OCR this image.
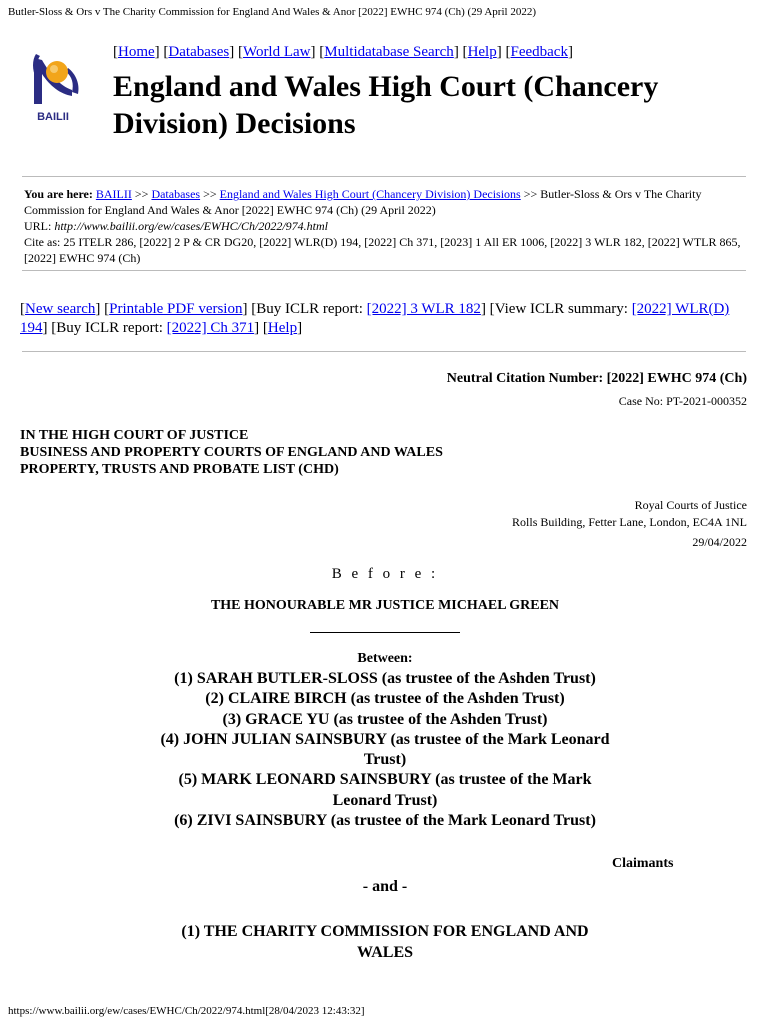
Butler-Sloss & Ors v The Charity Commission for England And Wales & Anor [2022] EWHC 974 (Ch) (29 April 2022)
BAILII
[Home] [Databases] [World Law] [Multidatabase Search] [Help] [Feedback]
England and Wales High Court (Chancery Division) Decisions
You are here: BAILII >> Databases >> England and Wales High Court (Chancery Division) Decisions >> Butler-Sloss & Ors v The Charity Commission for England And Wales & Anor [2022] EWHC 974 (Ch) (29 April 2022)
URL: http://www.bailii.org/ew/cases/EWHC/Ch/2022/974.html
Cite as: 25 ITELR 286, [2022] 2 P & CR DG20, [2022] WLR(D) 194, [2022] Ch 371, [2023] 1 All ER 1006, [2022] 3 WLR 182, [2022] WTLR 865, [2022] EWHC 974 (Ch)
[New search] [Printable PDF version] [Buy ICLR report: [2022] 3 WLR 182] [View ICLR summary: [2022] WLR(D) 194] [Buy ICLR report: [2022] Ch 371] [Help]
Neutral Citation Number: [2022] EWHC 974 (Ch)
Case No: PT-2021-000352
IN THE HIGH COURT OF JUSTICE
BUSINESS AND PROPERTY COURTS OF ENGLAND AND WALES
PROPERTY, TRUSTS AND PROBATE LIST (CHD)
Royal Courts of Justice
Rolls Building, Fetter Lane, London, EC4A 1NL
29/04/2022
B e f o r e :
THE HONOURABLE MR JUSTICE MICHAEL GREEN
Between:
(1) SARAH BUTLER-SLOSS (as trustee of the Ashden Trust)
(2) CLAIRE BIRCH (as trustee of the Ashden Trust)
(3) GRACE YU (as trustee of the Ashden Trust)
(4) JOHN JULIAN SAINSBURY (as trustee of the Mark Leonard Trust)
(5) MARK LEONARD SAINSBURY (as trustee of the Mark Leonard Trust)
(6) ZIVI SAINSBURY (as trustee of the Mark Leonard Trust)
Claimants
- and -
(1) THE CHARITY COMMISSION FOR ENGLAND AND WALES
https://www.bailii.org/ew/cases/EWHC/Ch/2022/974.html[28/04/2023 12:43:32]
